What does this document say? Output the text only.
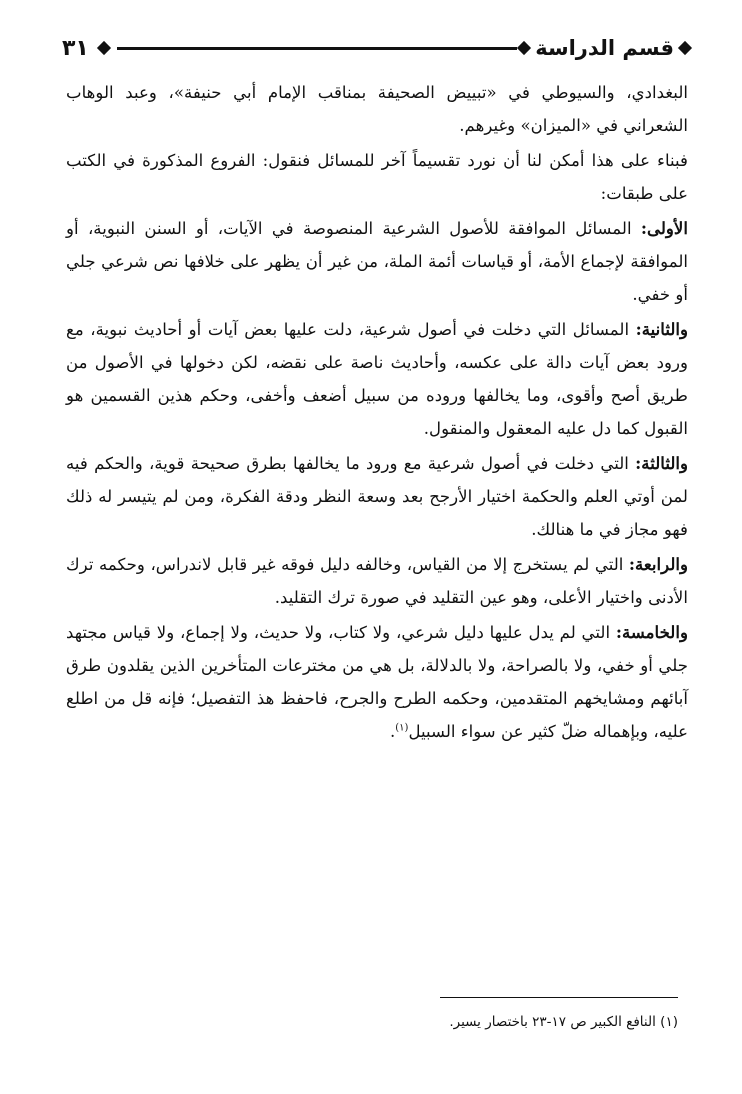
قسم الدراسة
٣١

البغدادي، والسيوطي في «تبييض الصحيفة بمناقب الإمام أبي حنيفة»، وعبد الوهاب الشعراني في «الميزان» وغيرهم.

فبناء على هذا أمكن لنا أن نورد تقسيماً آخر للمسائل فنقول: الفروع المذكورة في الكتب على طبقات:

الأولى: المسائل الموافقة للأصول الشرعية المنصوصة في الآيات، أو السنن النبوية، أو الموافقة لإجماع الأمة، أو قياسات أئمة الملة، من غير أن يظهر على خلافها نص شرعي جلي أو خفي.

والثانية: المسائل التي دخلت في أصول شرعية، دلت عليها بعض آيات أو أحاديث نبوية، مع ورود بعض آيات دالة على عكسه، وأحاديث ناصة على نقضه، لكن دخولها في الأصول من طريق أصح وأقوى، وما يخالفها وروده من سبيل أضعف وأخفى، وحكم هذين القسمين هو القبول كما دل عليه المعقول والمنقول.

والثالثة: التي دخلت في أصول شرعية مع ورود ما يخالفها بطرق صحيحة قوية، والحكم فيه لمن أوتي العلم والحكمة اختيار الأرجح بعد وسعة النظر ودقة الفكرة، ومن لم يتيسر له ذلك فهو مجاز في ما هنالك.

والرابعة: التي لم يستخرج إلا من القياس، وخالفه دليل فوقه غير قابل لاندراس، وحكمه ترك الأدنى واختيار الأعلى، وهو عين التقليد في صورة ترك التقليد.

والخامسة: التي لم يدل عليها دليل شرعي، ولا كتاب، ولا حديث، ولا إجماع، ولا قياس مجتهد جلي أو خفي، ولا بالصراحة، ولا بالدلالة، بل هي من مخترعات المتأخرين الذين يقلدون طرق آبائهم ومشايخهم المتقدمين، وحكمه الطرح والجرح، فاحفظ هذ التفصيل؛ فإنه قل من اطلع عليه، وبإهماله ضلّ كثير عن سواء السبيل$^{(١)}$.

(١) النافع الكبير ص ١٧-٢٣ باختصار يسير.
